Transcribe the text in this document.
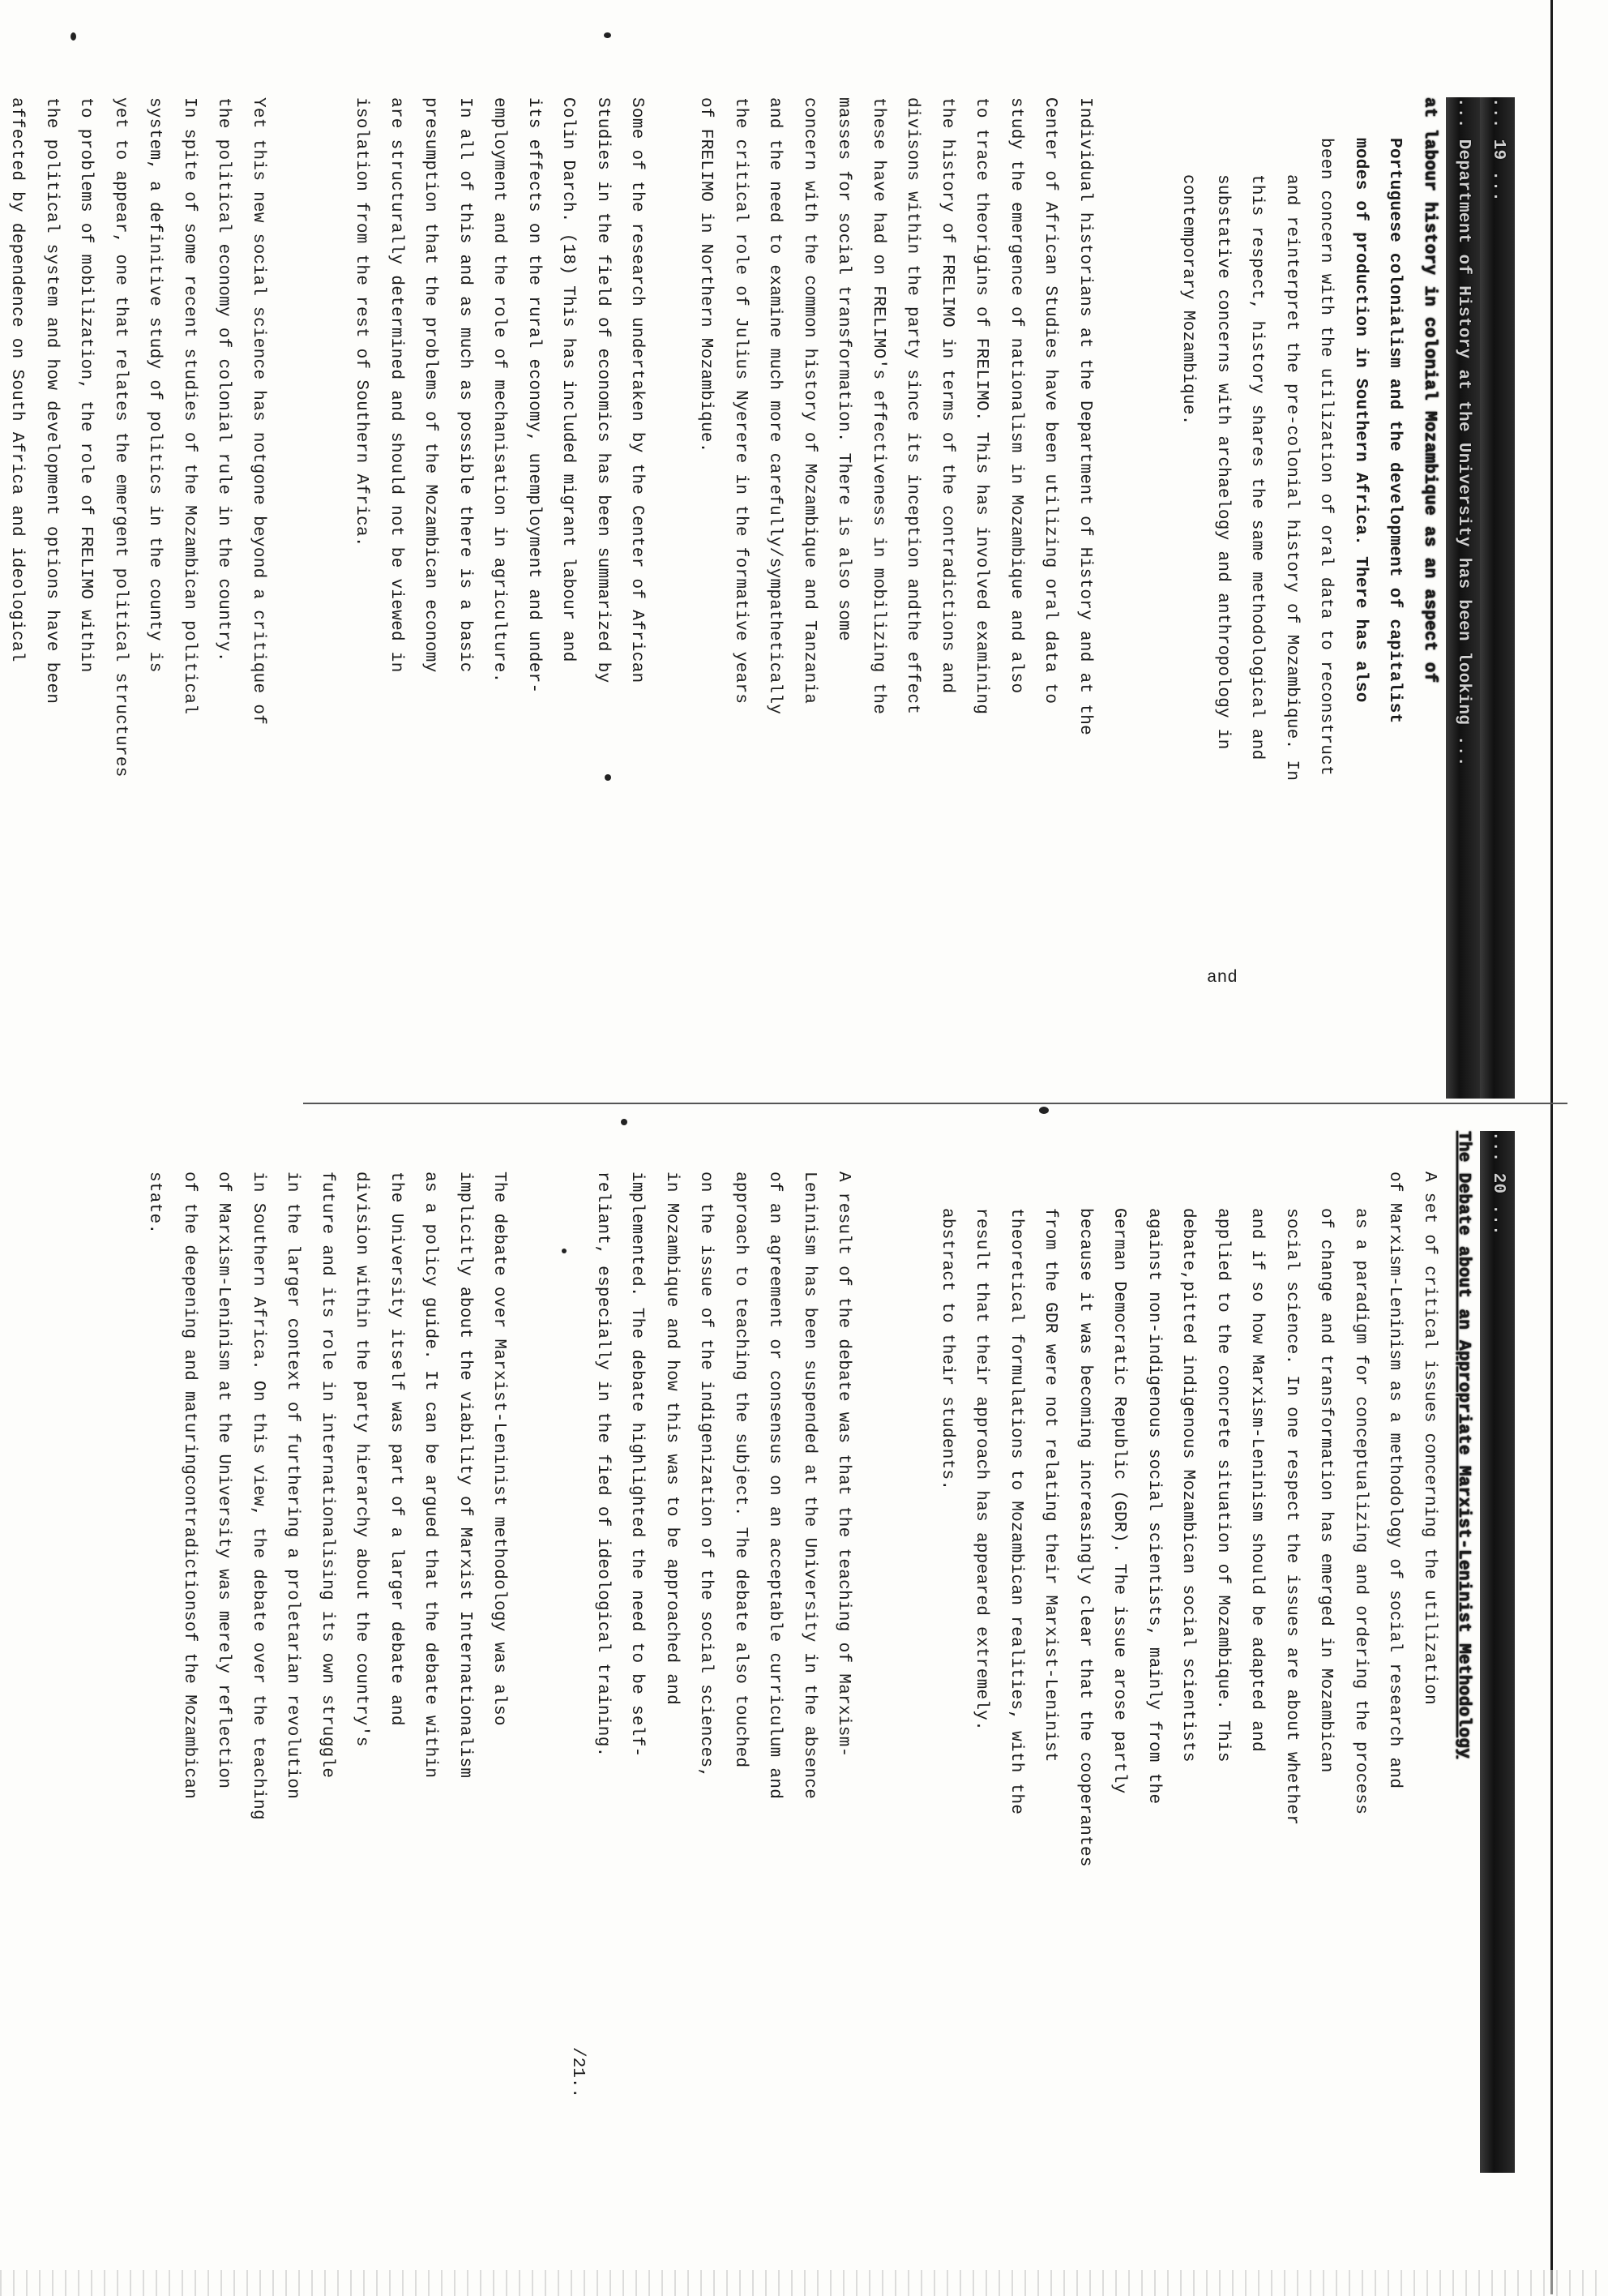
... 19 ...
... Department of History at the University has been looking ...
at labour history in colonial Mozambique as an aspect of
Portuguese colonialism and the development of capitalist
modes of production in Southern Africa. There has also
been concern with the utilization of oral data to reconstruct
and reinterpret the pre-colonial history of Mozambique. In
this respect, history shares the same methodological and
substative concerns with archaelogy and anthropology in
contemporary Mozambique.
Individual historians at the Department of History and at the
Center of African Studies have been utilizing oral data to
study the emergence of nationalism in Mozambique and also
to trace theorigins of FRELIMO. This has involved examining
the history of FRELIMO in terms of the contradictions and
divisons within the party since its inception andthe effect
these have had on FRELIMO's effectiveness in mobilizing the
masses for social transformation. There is also some
concern with the common history of Mozambique and Tanzania
and the need to examine much more carefully/sympathetically
the critical role of Julius Nyerere in the formative years
of FRELIMO in Northern Mozambique.
Some of the research undertaken by the Center of African
Studies in the field of economics has been summarized by
Colin Darch. (18) This has included migrant labour and
its effects on the rural economy, unemployment and under-
employment and the role of mechanisation in agriculture.
In all of this and as much as possible there is a basic
presumption that the problems of the Mozambican economy
are structurally determined and should not be viewed in
isolation from the rest of Southern Africa.
Yet this new social science has notgone beyond a critique of
the political economy of colonial rule in the country.
In spite of some recent studies of the Mozambican political
system, a definitive study of politics in the county is
yet to appear, one that relates the emergent political structures
to problems of mobilization, the role of FRELIMO within
the political system and how development options have been
affected by dependence on South Africa and ideological
and
... 20 ...
The Debate about an Appropriate Marxist-Leninist Methodology
A set of critical issues concerning the utilization
of Marxism-Leninism as a methodology of social research and
as a paradigm for conceptualizing and ordering the process
of change and transformation has emerged in Mozambican
social science. In one respect the issues are about whether
and if so how Marxism-Leninism should be adapted and
applied to the concrete situation of Mozambique. This
debate,pitted indigenous Mozambican social scientists
against non-indigenous social scientists, mainly from the
German Democratic Republic (GDR). The issue arose partly
because it was becoming increasingly clear that the cooperantes
from the GDR were not relating their Marxist-Leninist
theoretical formulations to Mozambican realities, with the
result that their approach has appeared extremely.
abstract to their students.
A result of the debate was that the teaching of Marxism-
Leninism has been suspended at the University in the absence
of an agreement or consensus on an acceptable curriculum and
approach to teaching the subject. The debate also touched
on the issue of the indigenization of the social sciences,
in Mozambique and how this was to be approached and
implemented. The debate highlighted the need to be self-
reliant, especially in the fied of ideological training.
The debate over Marxist-Leninist methodology was also
implicitly about the viability of Marxist Internationalism
as a policy guide. It can be argued that the debate within
the University itself was part of a larger debate and
division within the party hierarchy about the country's
future and its role in internationalising its own struggle
in the larger context of furthering a proletarian revolution
in Southern Africa. On this view, the debate over the teaching
of Marxism-Leninism at the University was merely reflection
of the deepening and maturingcontradictionsof the Mozambican
state.
/21..
